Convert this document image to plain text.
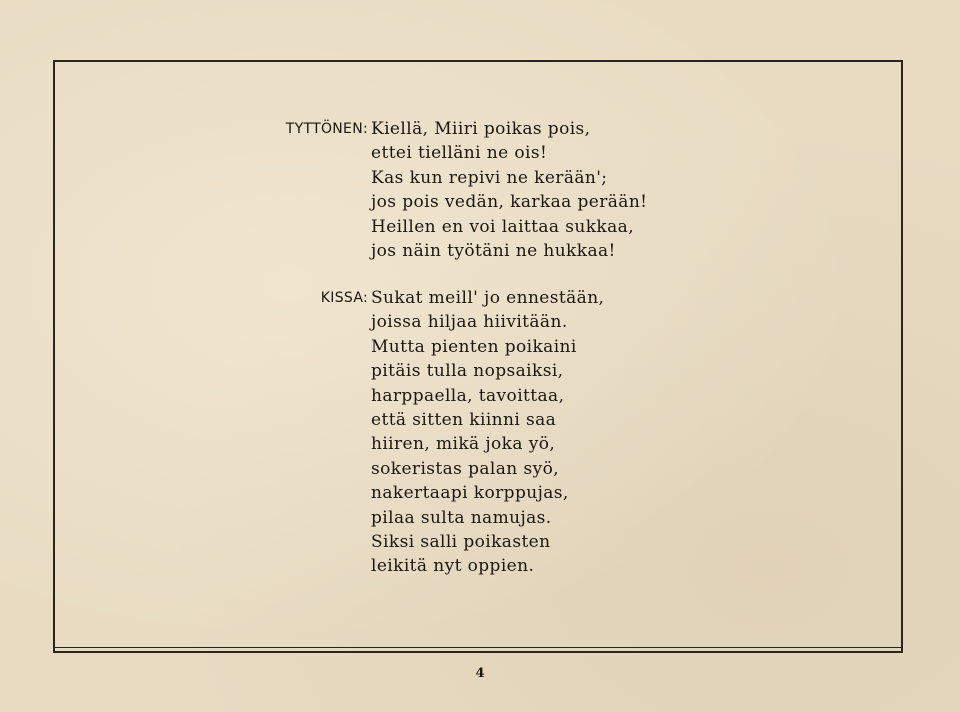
TYTTÖNEN: Kiellä, Miiri poikas pois,
ettei tielläni ne ois!
Kas kun repivi ne kerään';
jos pois vedän, karkaa perään!
Heillen en voi laittaa sukkaa,
jos näin työtäni ne hukkaa!
KISSA: Sukat meill' jo ennestään,
joissa hiljaa hiivitään.
Mutta pienten poikaini
pitäis tulla nopsaiksi,
harppaella, tavoittaa,
että sitten kiinni saa
hiiren, mikä joka yö,
sokeristas palan syö,
nakertaapi korppujas,
pilaa sulta namujas.
Siksi salli poikasten
leikitä nyt oppien.
4
